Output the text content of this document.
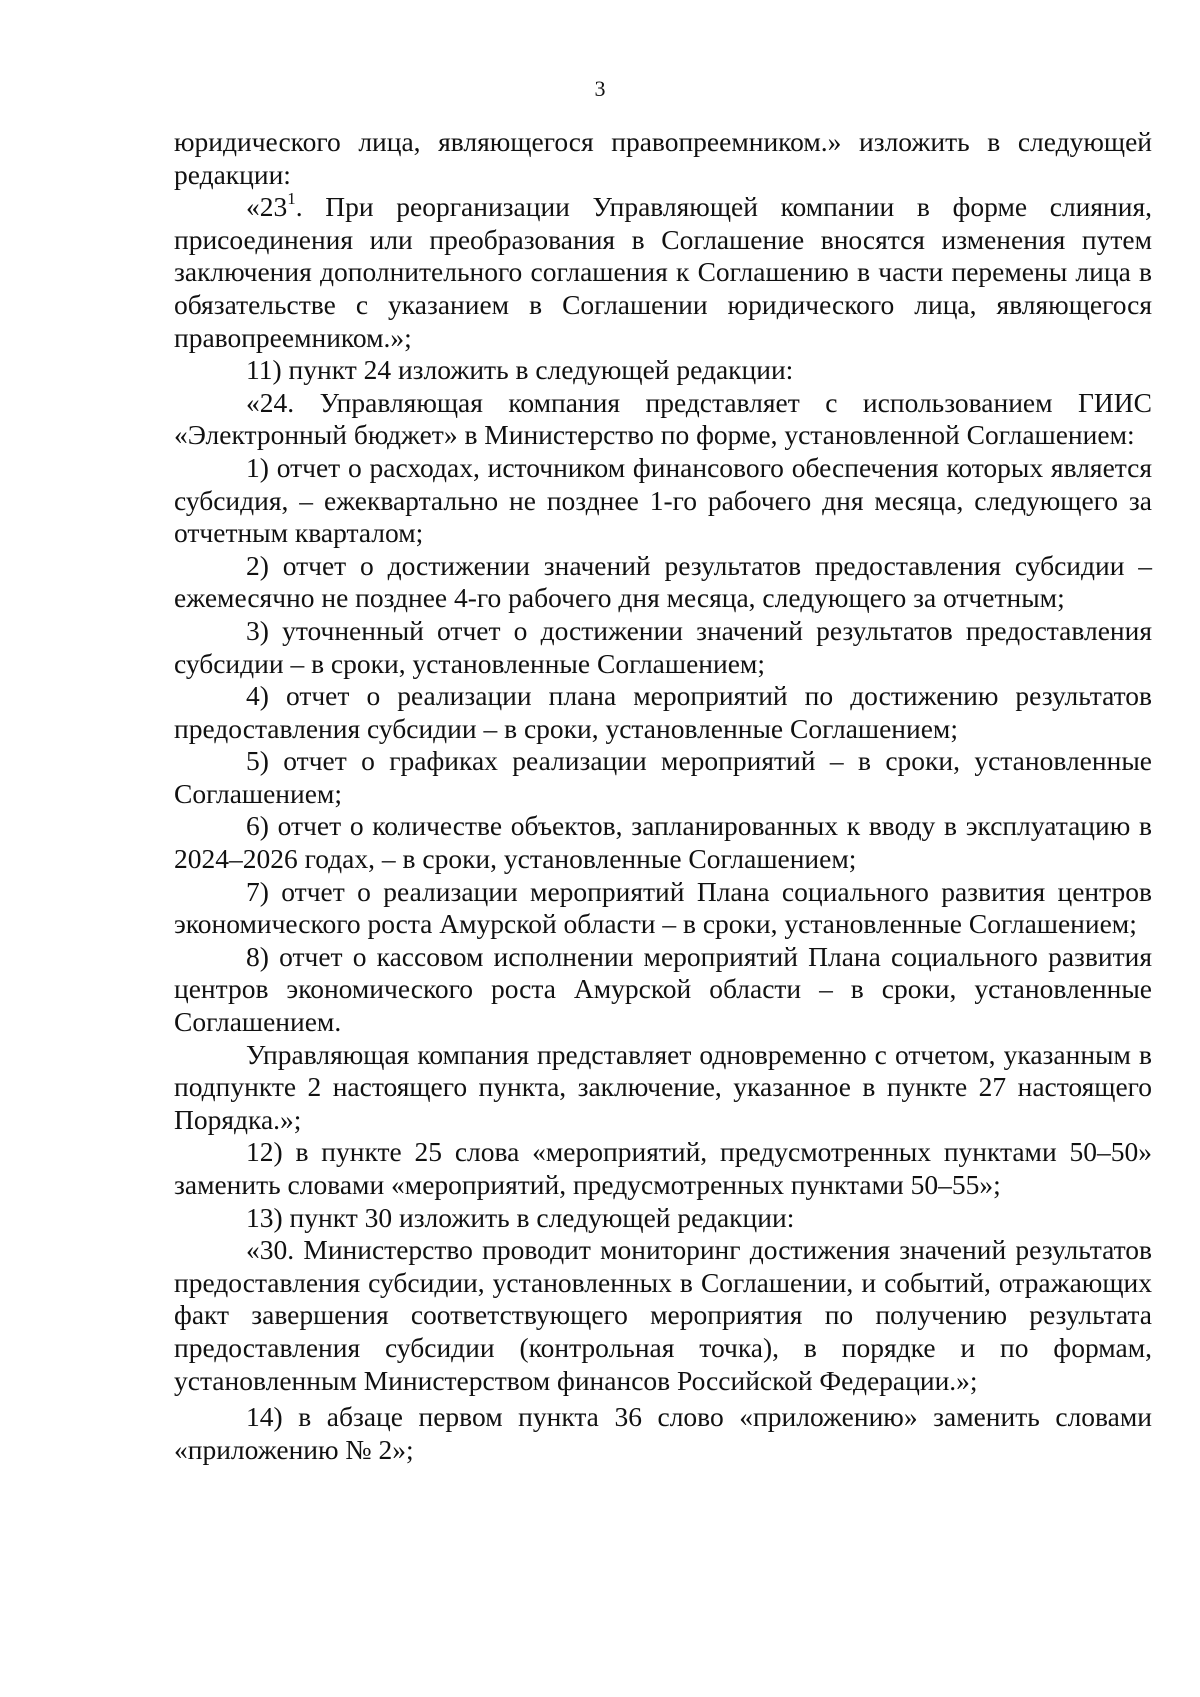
3

юридического лица, являющегося правопреемником.» изложить в следующей редакции:

«$23^1$. При реорганизации Управляющей компании в форме слияния, присоединения или преобразования в Соглашение вносятся изменения путем заключения дополнительного соглашения к Соглашению в части перемены лица в обязательстве с указанием в Соглашении юридического лица, являющегося правопреемником.»;

11) пункт 24 изложить в следующей редакции:

«24. Управляющая компания представляет с использованием ГИИС «Электронный бюджет» в Министерство по форме, установленной Соглашением:

1) отчет о расходах, источником финансового обеспечения которых является субсидия, – ежеквартально не позднее 1-го рабочего дня месяца, следующего за отчетным кварталом;

2) отчет о достижении значений результатов предоставления субсидии – ежемесячно не позднее 4-го рабочего дня месяца, следующего за отчетным;

3) уточненный отчет о достижении значений результатов предоставления субсидии – в сроки, установленные Соглашением;

4) отчет о реализации плана мероприятий по достижению результатов предоставления субсидии – в сроки, установленные Соглашением;

5) отчет о графиках реализации мероприятий – в сроки, установленные Соглашением;

6) отчет о количестве объектов, запланированных к вводу в эксплуатацию в 2024–2026 годах, – в сроки, установленные Соглашением;

7) отчет о реализации мероприятий Плана социального развития центров экономического роста Амурской области – в сроки, установленные Соглашением;

8) отчет о кассовом исполнении мероприятий Плана социального развития центров экономического роста Амурской области – в сроки, установленные Соглашением.

Управляющая компания представляет одновременно с отчетом, указанным в подпункте 2 настоящего пункта, заключение, указанное в пункте 27 настоящего Порядка.»;

12) в пункте 25 слова «мероприятий, предусмотренных пунктами 50–50» заменить словами «мероприятий, предусмотренных пунктами 50–55»;

13) пункт 30 изложить в следующей редакции:

«30. Министерство проводит мониторинг достижения значений результатов предоставления субсидии, установленных в Соглашении, и событий, отражающих факт завершения соответствующего мероприятия по получению результата предоставления субсидии (контрольная точка), в порядке и по формам, установленным Министерством финансов Российской Федерации.»;

14) в абзаце первом пункта 36 слово «приложению» заменить словами «приложению № 2»;
